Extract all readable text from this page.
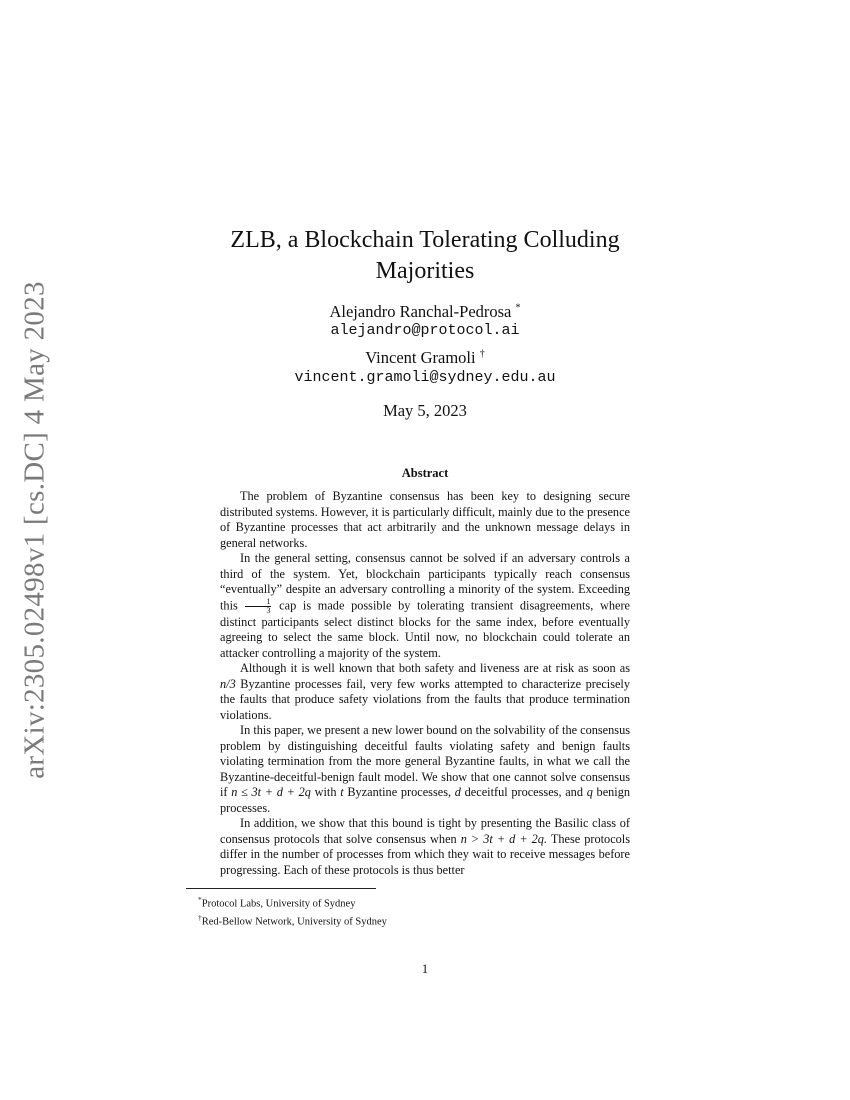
arXiv:2305.02498v1 [cs.DC] 4 May 2023
ZLB, a Blockchain Tolerating Colluding
Majorities
Alejandro Ranchal-Pedrosa *
alejandro@protocol.ai
Vincent Gramoli †
vincent.gramoli@sydney.edu.au
May 5, 2023
Abstract

The problem of Byzantine consensus has been key to designing secure distributed systems. However, it is particularly difficult, mainly due to the presence of Byzantine processes that act arbitrarily and the unknown message delays in general networks.

In the general setting, consensus cannot be solved if an adversary controls a third of the system. Yet, blockchain participants typically reach consensus “eventually” despite an adversary controlling a minority of the system. Exceeding this $\frac{1}{3}$ cap is made possible by tolerating transient disagreements, where distinct participants select distinct blocks for the same index, before eventually agreeing to select the same block. Until now, no blockchain could tolerate an attacker controlling a majority of the system.

Although it is well known that both safety and liveness are at risk as soon as n/3 Byzantine processes fail, very few works attempted to characterize precisely the faults that produce safety violations from the faults that produce termination violations.

In this paper, we present a new lower bound on the solvability of the consensus problem by distinguishing deceitful faults violating safety and benign faults violating termination from the more general Byzantine faults, in what we call the Byzantine-deceitful-benign fault model. We show that one cannot solve consensus if n ≤ 3t + d + 2q with t Byzantine processes, d deceitful processes, and q benign processes.

In addition, we show that this bound is tight by presenting the Basilic class of consensus protocols that solve consensus when n > 3t + d + 2q. These protocols differ in the number of processes from which they wait to receive messages before progressing. Each of these protocols is thus better

*Protocol Labs, University of Sydney
†Red-Bellow Network, University of Sydney
1
